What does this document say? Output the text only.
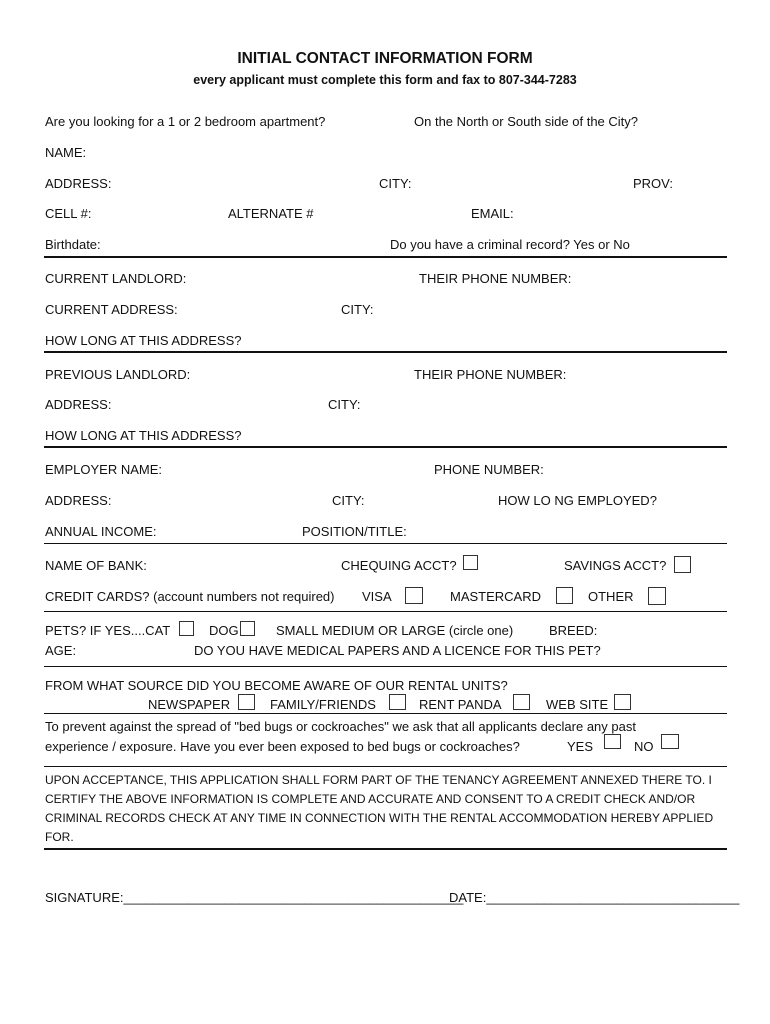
INITIAL CONTACT INFORMATION FORM
every applicant must complete this form and fax to 807-344-7283
Are you looking for a 1 or 2 bedroom apartment?	On the North or South side of the City?
NAME:
ADDRESS:	CITY:	PROV:
CELL #:	ALTERNATE #	EMAIL:
Birthdate:	Do you have a criminal record? Yes or No
CURRENT LANDLORD:	THEIR PHONE NUMBER:
CURRENT ADDRESS:	CITY:
HOW LONG AT THIS ADDRESS?
PREVIOUS LANDLORD:	THEIR PHONE NUMBER:
ADDRESS:	CITY:
HOW LONG AT THIS ADDRESS?
EMPLOYER NAME:	PHONE NUMBER:
ADDRESS:	CITY:	HOW LO NG EMPLOYED?
ANNUAL INCOME:	POSITION/TITLE:
NAME OF BANK:	CHEQUING ACCT?	SAVINGS ACCT?
CREDIT CARDS? (account numbers not required) VISA	MASTERCARD	OTHER
PETS? IF YES....CAT	DOG	SMALL MEDIUM OR LARGE (circle one)	BREED:
AGE:	DO YOU HAVE MEDICAL PAPERS AND A LICENCE FOR THIS PET?
FROM WHAT SOURCE DID YOU BECOME AWARE OF OUR RENTAL UNITS?
NEWSPAPER	FAMILY/FRIENDS	RENT PANDA	WEB SITE
To prevent against the spread of "bed bugs or cockroaches" we ask that all applicants declare any past
experience / exposure. Have you ever been exposed to bed bugs or cockroaches?	YES	NO
UPON ACCEPTANCE, THIS APPLICATION SHALL FORM PART OF THE TENANCY AGREEMENT ANNEXED THERE TO. I
CERTIFY THE ABOVE INFORMATION IS COMPLETE AND ACCURATE AND CONSENT TO A CREDIT CHECK AND/OR
CRIMINAL RECORDS CHECK AT ANY TIME IN CONNECTION WITH THE RENTAL ACCOMMODATION HEREBY APPLIED
FOR.
SIGNATURE:_______________________________________________
DATE:___________________________________
